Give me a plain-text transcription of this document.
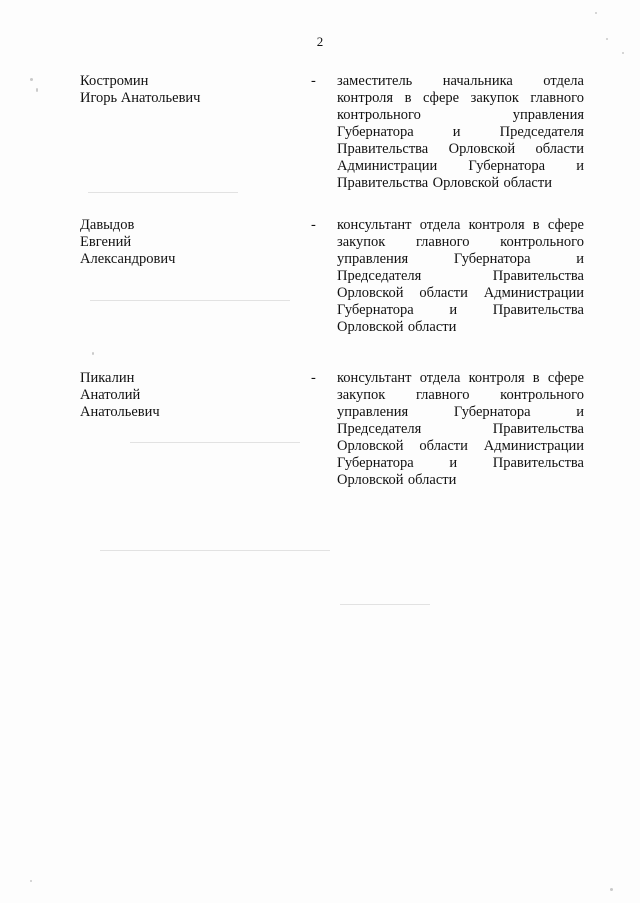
2
Костромин
Игорь Анатольевич
- заместитель начальника отдела
контроля в сфере закупок главного
контрольного	управления
Губернатора	и	Председателя
Правительства Орловской области
Администрации Губернатора и
Правительства Орловской области
Давыдов
Евгений
Александрович
- консультант отдела контроля в сфере
закупок главного контрольного
управления	Губернатора	и
Председателя	Правительства
Орловской области Администрации
Губернатора и Правительства
Орловской области
Пикалин
Анатолий
Анатольевич
- консультант отдела контроля в сфере
закупок главного контрольного
управления	Губернатора	и
Председателя	Правительства
Орловской области Администрации
Губернатора и Правительства
Орловской области
